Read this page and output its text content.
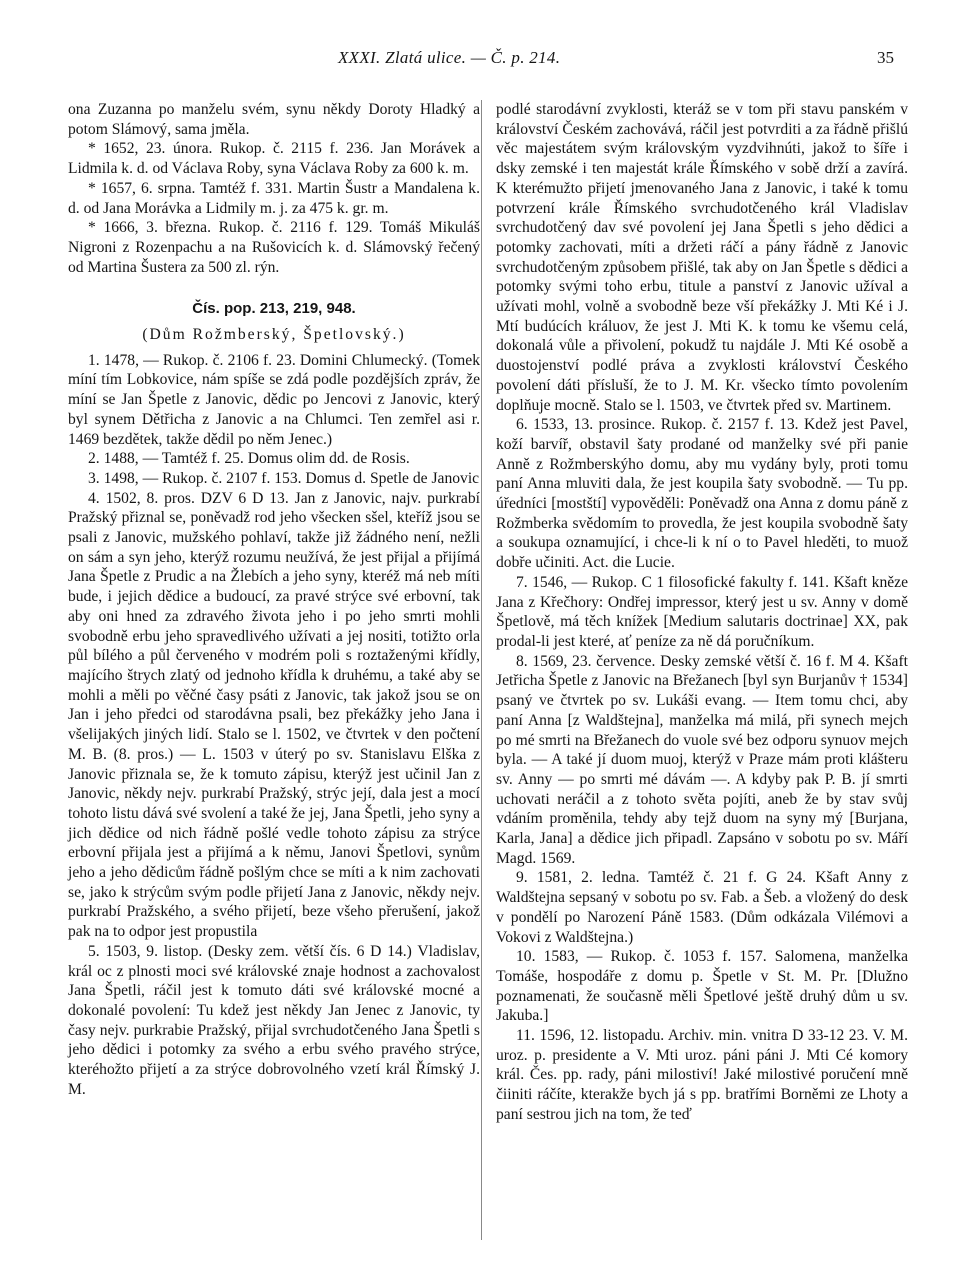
XXXI. Zlatá ulice. — Č. p. 214.	35

ona Zuzanna po manželu svém, synu někdy Doroty Hladký a potom Slámový, sama jměla.

* 1652, 23. února. Rukop. č. 2115 f. 236. Jan Morávek a Lidmila k. d. od Václava Roby, syna Václava Roby za 600 k. m.

* 1657, 6. srpna. Tamtéž f. 331. Martin Šustr a Mandalena k. d. od Jana Morávka a Lidmily m. j. za 475 k. gr. m.

* 1666, 3. března. Rukop. č. 2116 f. 129. Tomáš Mikuláš Nigroni z Rozenpachu a na Rušovicích k. d. Slámovský řečený od Martina Šustera za 500 zl. rýn.

Čís. pop. 213, 219, 948.

(Dům Rožmberský, Špetlovský.)

1. 1478, — Rukop. č. 2106 f. 23. Domini Chlumecký. (Tomek míní tím Lobkovice, nám spíše se zdá podle pozdějších zpráv, že míní se Jan Špetle z Janovic, dědic po Jencovi z Janovic, který byl synem Dětřicha z Janovic a na Chlumci. Ten zemřel asi r. 1469 bezdětek, takže dědil po něm Jenec.)

2. 1488, — Tamtéž f. 25. Domus olim dd. de Rosis.

3. 1498, — Rukop. č. 2107 f. 153. Domus d. Spetle de Janovic

4. 1502, 8. pros. DZV 6 D 13. Jan z Janovic, najv. purkrabí Pražský přiznal se, poněvadž rod jeho všecken sšel, kteříž jsou se psali z Janovic, mužského pohlaví, takže již žádného není, nežli on sám a syn jeho, kterýž rozumu neužívá, že jest přijal a přijímá Jana Špetle z Prudic a na Žlebích a jeho syny, kteréž má neb míti bude, i jejich dědice a budoucí, za pravé strýce své erbovní, tak aby oni hned za zdravého života jeho i po jeho smrti mohli svobodně erbu jeho spravedlivého užívati a jej nositi, totižto orla půl bílého a půl červeného v modrém poli s roztaženými křídly, majícího štrych zlatý od jednoho křídla k druhému, a také aby se mohli a měli po věčné časy psáti z Janovic, tak jakož jsou se on Jan i jeho předci od starodávna psali, bez překážky jeho Jana i všelijakých jiných lidí. Stalo se l. 1502, ve čtvrtek v den počtení M. B. (8. pros.) — L. 1503 v úterý po sv. Stanislavu Elška z Janovic přiznala se, že k tomuto zápisu, kterýž jest učinil Jan z Janovic, někdy nejv. purkrabí Pražský, strýc její, dala jest a mocí tohoto listu dává své svolení a také že jej, Jana Špetli, jeho syny a jich dědice od nich řádně pošlé vedle tohoto zápisu za strýce erbovní přijala jest a přijímá a k němu, Janovi Špetlovi, synům jeho a jeho dědicům řádně pošlým chce se míti a k nim zachovati se, jako k strýcům svým podle přijetí Jana z Janovic, někdy nejv. purkrabí Pražského, a svého přijetí, beze všeho přerušení, jakož pak na to odpor jest propustila

5. 1503, 9. listop. (Desky zem. větší čís. 6 D 14.) Vladislav, král oc z plnosti moci své královské znaje hodnost a zachovalost Jana Špetli, ráčil jest k tomuto dáti své královské mocné a dokonalé povolení: Tu kdež jest někdy Jan Jenec z Janovic, ty časy nejv. purkrabie Pražský, přijal svrchudotčeného Jana Špetli s jeho dědici i potomky za svého a erbu svého pravého strýce, kteréhožto přijetí a za strýce dobrovolného vzetí král Římský J. M.

podlé starodávní zvyklosti, kteráž se v tom při stavu panském v království Českém zachovává, ráčil jest potvrditi a za řádně přišlú věc majestátem svým královským vyzdvihnúti, jakož to šíře i dsky zemské i ten majestát krále Římského v sobě drží a zavírá. K kterémužto přijetí jmenovaného Jana z Janovic, i také k tomu potvrzení krále Římského svrchudotčeného král Vladislav svrchudotčený dav své povolení jej Jana Špetli s jeho dědici a potomky zachovati, míti a držeti ráčí a pány řádně z Janovic svrchudotčeným způsobem přišlé, tak aby on Jan Špetle s dědici a potomky svými toho erbu, titule a panství z Janovic užíval a užívati mohl, volně a svobodně beze vší překážky J. Mti Ké i J. Mtí budúcích králuov, že jest J. Mti K. k tomu ke všemu celá, dokonalá vůle a přivolení, pokudž tu najdále J. Mti Ké osobě a duostojenství podlé práva a zvyklosti království Českého povolení dáti přísluší, že to J. M. Kr. všecko tímto povolením doplňuje mocně. Stalo se l. 1503, ve čtvrtek před sv. Martinem.

6. 1533, 13. prosince. Rukop. č. 2157 f. 13. Kdež jest Pavel, koží barvíř, obstavil šaty prodané od manželky své při panie Anně z Rožmberskýho domu, aby mu vydány byly, proti tomu paní Anna mluviti dala, že jest koupila šaty svobodně. — Tu pp. úředníci [mostští] vypověděli: Poněvadž ona Anna z domu páně z Rožmberka svědomím to provedla, že jest koupila svobodně šaty a soukupa oznamující, i chce-li k ní o to Pavel hleděti, to muož dobře učiniti. Act. die Lucie.

7. 1546, — Rukop. C 1 filosofické fakulty f. 141. Kšaft kněze Jana z Křečhory: Ondřej impressor, který jest u sv. Anny v domě Špetlově, má těch knížek [Medium salutaris doctrinae] XX, pak prodal-li jest které, ať peníze za ně dá poručníkum.

8. 1569, 23. července. Desky zemské větší č. 16 f. M 4. Kšaft Jetřicha Špetle z Janovic na Břežanech [byl syn Burjanův † 1534] psaný ve čtvrtek po sv. Lukáši evang. — Item tomu chci, aby paní Anna [z Waldštejna], manželka má milá, při synech mejch po mé smrti na Břežanech do vuole své bez odporu synuov mejch byla. — A také jí duom muoj, kterýž v Praze mám proti klášteru sv. Anny — po smrti mé dávám —. A kdyby pak P. B. jí smrti uchovati neráčil a z tohoto světa pojíti, aneb že by stav svůj vdáním proměnila, tehdy aby tejž duom na syny mý [Burjana, Karla, Jana] a dědice jich připadl. Zapsáno v sobotu po sv. Máří Magd. 1569.

9. 1581, 2. ledna. Tamtéž č. 21 f. G 24. Kšaft Anny z Waldštejna sepsaný v sobotu po sv. Fab. a Šeb. a vložený do desk v pondělí po Narození Páně 1583. (Dům odkázala Vilémovi a Vokovi z Waldštejna.)

10. 1583, — Rukop. č. 1053 f. 157. Salomena, manželka Tomáše, hospodáře z domu p. Špetle v St. M. Pr. [Dlužno poznamenati, že současně měli Špetlové ještě druhý dům u sv. Jakuba.]

11. 1596, 12. listopadu. Archiv. min. vnitra D 33-12 23. V. M. uroz. p. presidente a V. Mti uroz. páni páni J. Mti Cé komory král. Čes. pp. rady, páni milostiví! Jaké milostivé poručení mně čiiniti ráčíte, kterakže bych já s pp. bratřími Borněmi ze Lhoty a paní sestrou jich na tom, že teď
